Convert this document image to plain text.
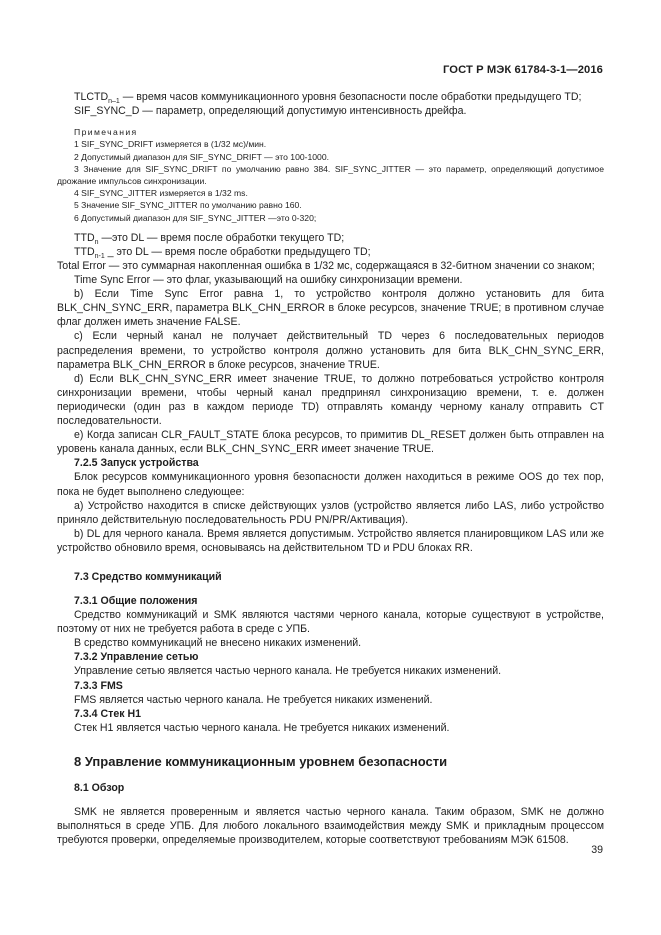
ГОСТ Р МЭК 61784-3-1—2016

$TLCTD_{n-1}$ — время часов коммуникационного уровня безопасности после обработки предыдущего TD;

SIF_SYNC_D — параметр, определяющий допустимую интенсивность дрейфа.

Примечания

1 SIF_SYNC_DRIFT измеряется в (1/32 мс)/мин.

2 Допустимый диапазон для SIF_SYNC_DRIFT — это 100-1000.

3 Значение для SIF_SYNC_DRIFT по умолчанию равно 384. SIF_SYNC_JITTER — это параметр, определяющий допустимое дрожание импульсов синхронизации.

4 SIF_SYNC_JITTER измеряется в 1/32 ms.

5 Значение SIF_SYNC_JITTER по умолчанию равно 160.

6 Допустимый диапазон для SIF_SYNC_JITTER —это 0-320;

$TTD_n$ —это DL — время после обработки текущего TD;

$TTD_{n-1}$ _ это DL — время после обработки предыдущего TD;

Total Error — это суммарная накопленная ошибка в 1/32 мс, содержащаяся в 32-битном значении со знаком;

Time Sync Error — это флаг, указывающий на ошибку синхронизации времени.

b) Если Time Sync Error равна 1, то устройство контроля должно установить для бита BLK_CHN_SYNC_ERR, параметра BLK_CHN_ERROR в блоке ресурсов, значение TRUE; в противном случае флаг должен иметь значение FALSE.

c) Если черный канал не получает действительный TD через 6 последовательных периодов распределения времени, то устройство контроля должно установить для бита BLK_CHN_SYNC_ERR, параметра BLK_CHN_ERROR в блоке ресурсов, значение TRUE.

d) Если BLK_CHN_SYNC_ERR имеет значение TRUE, то должно потребоваться устройство контроля синхронизации времени, чтобы черный канал предпринял синхронизацию времени, т. е. должен периодически (один раз в каждом периоде TD) отправлять команду черному каналу отправить CT последовательности.

e) Когда записан CLR_FAULT_STATE блока ресурсов, то примитив DL_RESET должен быть отправлен на уровень канала данных, если BLK_CHN_SYNC_ERR имеет значение TRUE.

7.2.5 Запуск устройства

Блок ресурсов коммуникационного уровня безопасности должен находиться в режиме OOS до тех пор, пока не будет выполнено следующее:

a) Устройство находится в списке действующих узлов (устройство является либо LAS, либо устройство приняло действительную последовательность PDU PN/PR/Активация).

b) DL для черного канала. Время является допустимым. Устройство является планировщиком LAS или же устройство обновило время, основываясь на действительном TD и PDU блоках RR.

7.3 Средство коммуникаций

7.3.1 Общие положения

Средство коммуникаций и SMK являются частями черного канала, которые существуют в устройстве, поэтому от них не требуется работа в среде с УПБ.

В средство коммуникаций не внесено никаких изменений.

7.3.2 Управление сетью

Управление сетью является частью черного канала. Не требуется никаких изменений.

7.3.3 FMS

FMS является частью черного канала. Не требуется никаких изменений.

7.3.4 Стек H1

Стек H1 является частью черного канала. Не требуется никаких изменений.

8 Управление коммуникационным уровнем безопасности

8.1 Обзор

SMK не является проверенным и является частью черного канала. Таким образом, SMK не должно выполняться в среде УПБ. Для любого локального взаимодействия между SMK и прикладным процессом требуются проверки, определяемые производителем, которые соответствуют требованиям МЭК 61508.

39
